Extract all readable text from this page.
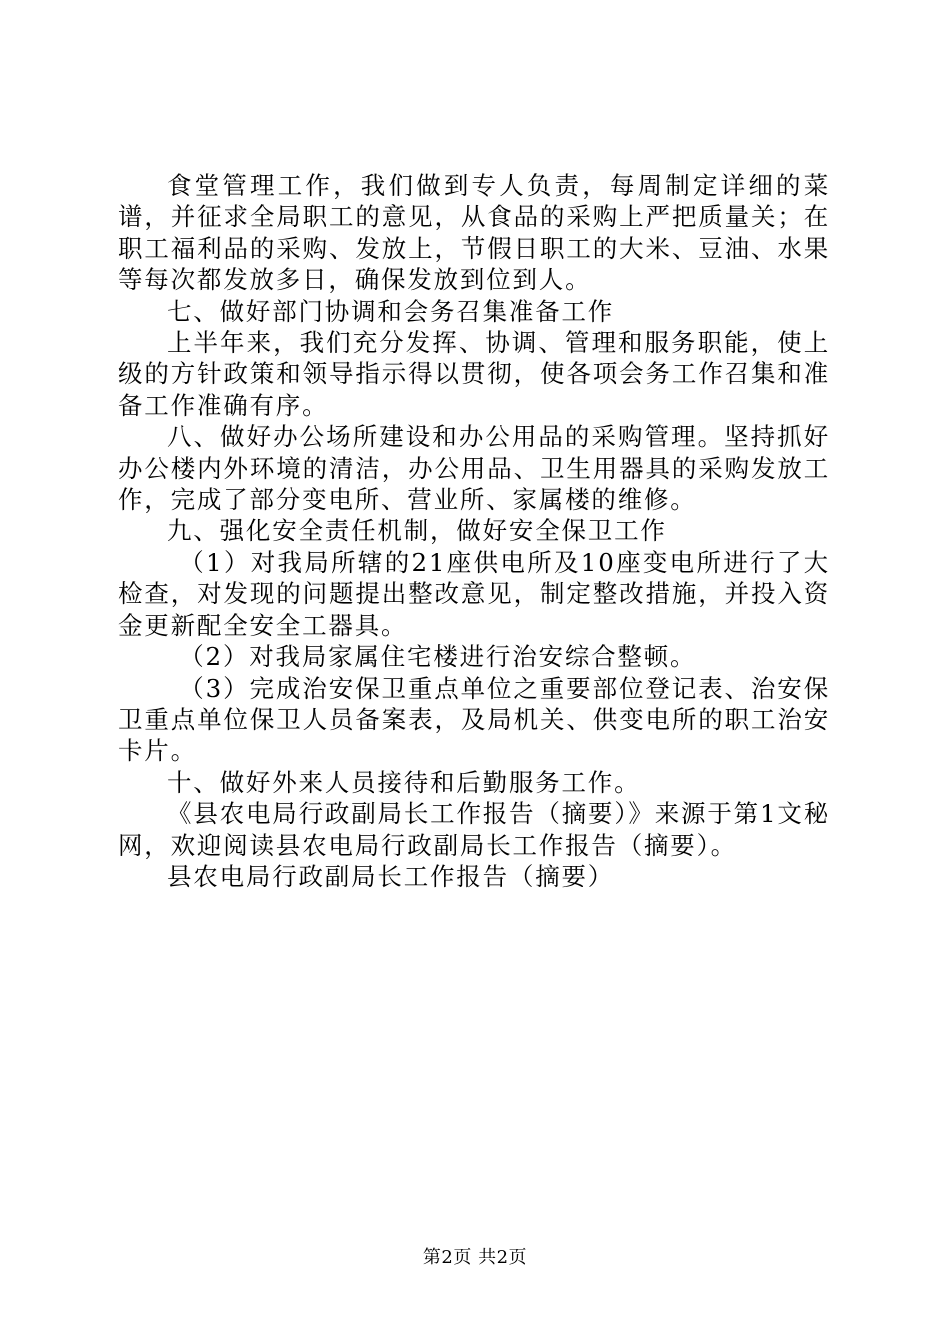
食堂管理工作，我们做到专人负责，每周制定详细的菜谱，并征求全局职工的意见，从食品的采购上严把质量关；在职工福利品的采购、发放上，节假日职工的大米、豆油、水果等每次都发放多日，确保发放到位到人。

七、做好部门协调和会务召集准备工作

上半年来，我们充分发挥、协调、管理和服务职能，使上级的方针政策和领导指示得以贯彻，使各项会务工作召集和准备工作准确有序。

八、做好办公场所建设和办公用品的采购管理。坚持抓好办公楼内外环境的清洁，办公用品、卫生用器具的采购发放工作，完成了部分变电所、营业所、家属楼的维修。

九、强化安全责任机制，做好安全保卫工作

（1）对我局所辖的21座供电所及10座变电所进行了大检查，对发现的问题提出整改意见，制定整改措施，并投入资金更新配全安全工器具。

（2）对我局家属住宅楼进行治安综合整顿。

（3）完成治安保卫重点单位之重要部位登记表、治安保卫重点单位保卫人员备案表，及局机关、供变电所的职工治安卡片。

十、做好外来人员接待和后勤服务工作。

《县农电局行政副局长工作报告（摘要）》来源于第1文秘网，欢迎阅读县农电局行政副局长工作报告（摘要）。

县农电局行政副局长工作报告（摘要）

第2页 共2页
